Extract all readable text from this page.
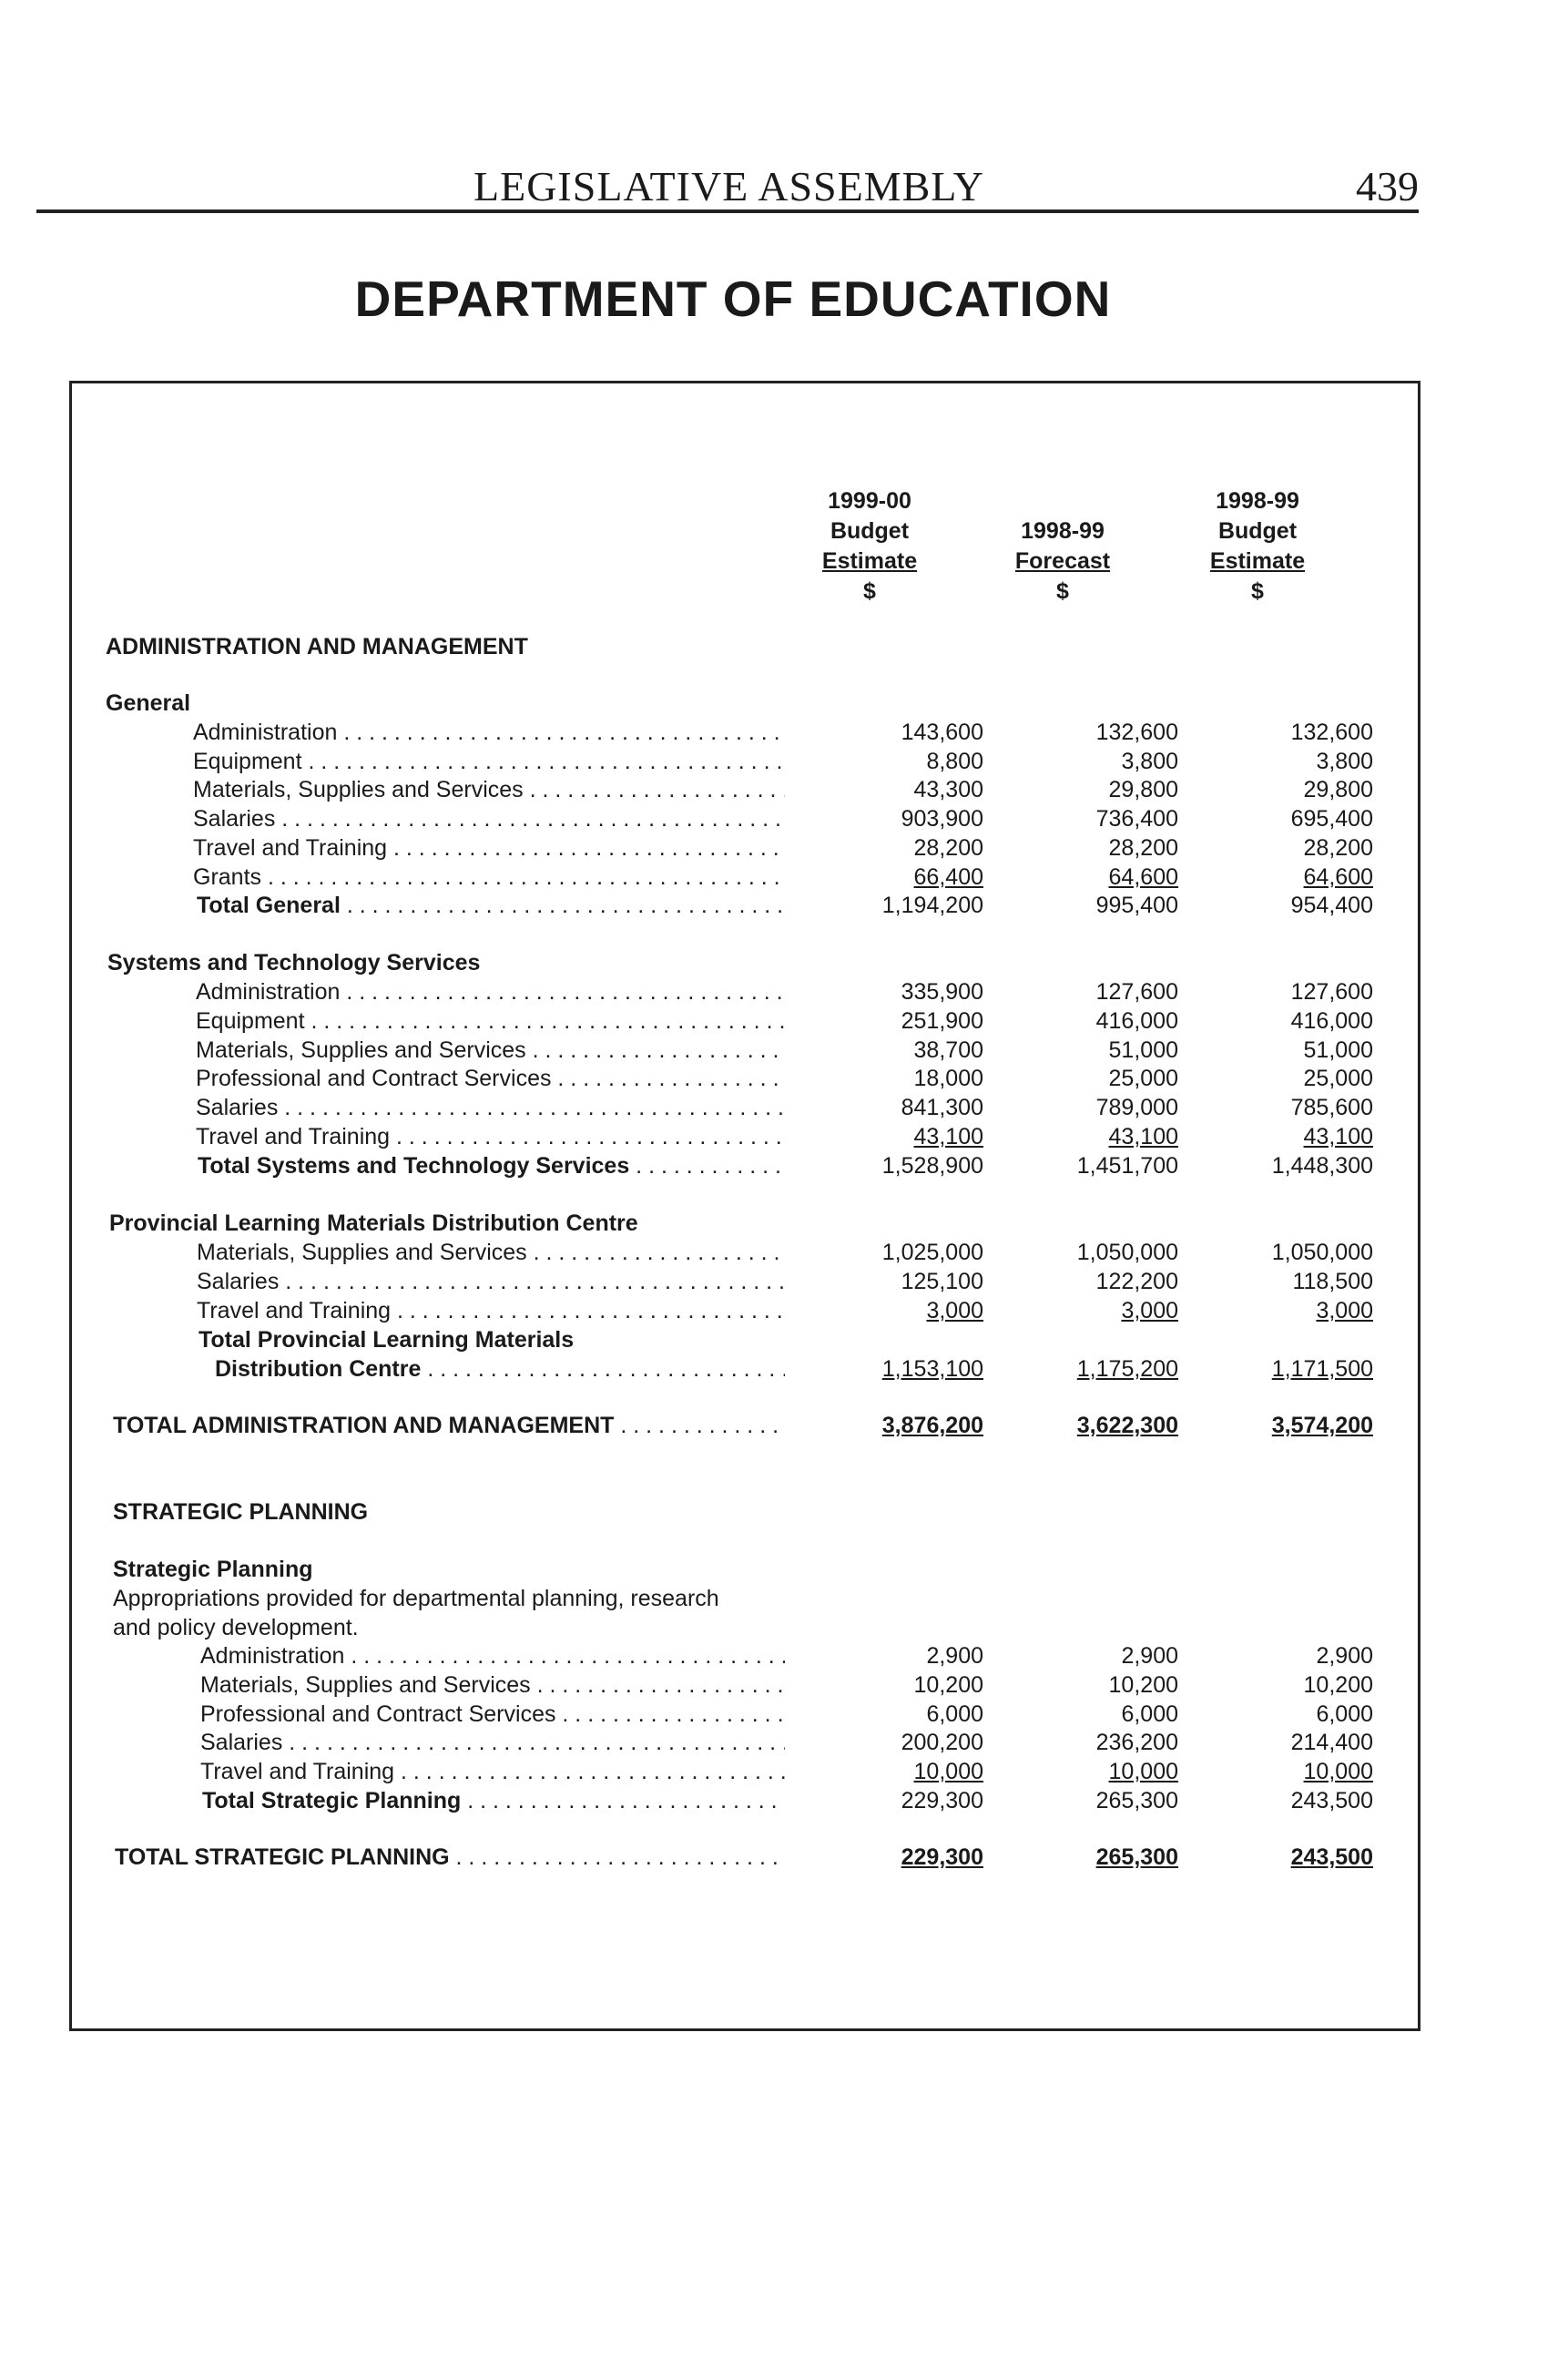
LEGISLATIVE ASSEMBLY	439
DEPARTMENT OF EDUCATION
1999-00
Budget
Estimate
$
1998-99
Forecast
$
1998-99
Budget
Estimate
$
ADMINISTRATION AND MANAGEMENT
General
Administration . . .	143,600	132,600	132,600
Equipment . . .	8,800	3,800	3,800
Materials, Supplies and Services . . .	43,300	29,800	29,800
Salaries . . .	903,900	736,400	695,400
Travel and Training . . .	28,200	28,200	28,200
Grants . . .	66,400	64,600	64,600
Total General . . .	1,194,200	995,400	954,400
Systems and Technology Services
Administration . . .	335,900	127,600	127,600
Equipment . . .	251,900	416,000	416,000
Materials, Supplies and Services . . .	38,700	51,000	51,000
Professional and Contract Services . . .	18,000	25,000	25,000
Salaries . . .	841,300	789,000	785,600
Travel and Training . . .	43,100	43,100	43,100
Total Systems and Technology Services . . .	1,528,900	1,451,700	1,448,300
Provincial Learning Materials Distribution Centre
Materials, Supplies and Services . . .	1,025,000	1,050,000	1,050,000
Salaries . . .	125,100	122,200	118,500
Travel and Training . . .	3,000	3,000	3,000
Total Provincial Learning Materials
Distribution Centre . . .	1,153,100	1,175,200	1,171,500
TOTAL ADMINISTRATION AND MANAGEMENT . . .	3,876,200	3,622,300	3,574,200
STRATEGIC PLANNING
Strategic Planning
Appropriations provided for departmental planning, research
and policy development.
Administration . . .	2,900	2,900	2,900
Materials, Supplies and Services . . .	10,200	10,200	10,200
Professional and Contract Services . . .	6,000	6,000	6,000
Salaries . . .	200,200	236,200	214,400
Travel and Training . . .	10,000	10,000	10,000
Total Strategic Planning . . .	229,300	265,300	243,500
TOTAL STRATEGIC PLANNING . . .	229,300	265,300	243,500
